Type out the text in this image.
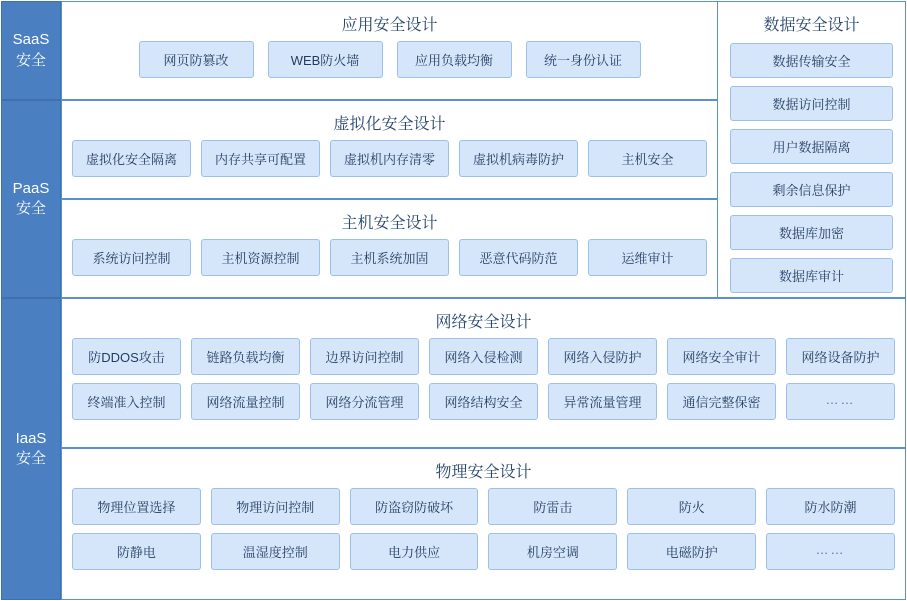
SaaS
安全
PaaS
安全
IaaS
安全
应用安全设计
网页防篡改	WEB防火墙	应用负载均衡	统一身份认证
虚拟化安全设计
虚拟化安全隔离	内存共享可配置	虚拟机内存清零	虚拟机病毒防护	主机安全
主机安全设计
系统访问控制	主机资源控制	主机系统加固	恶意代码防范	运维审计
网络安全设计
防DDOS攻击	链路负载均衡	边界访问控制	网络入侵检测	网络入侵防护	网络安全审计	网络设备防护
终端准入控制	网络流量控制	网络分流管理	网络结构安全	异常流量管理	通信完整保密	……
物理安全设计
物理位置选择	物理访问控制	防盗窃防破坏	防雷击	防火	防水防潮
防静电	温湿度控制	电力供应	机房空调	电磁防护	……
数据安全设计
数据传输安全
数据访问控制
用户数据隔离
剩余信息保护
数据库加密
数据库审计
